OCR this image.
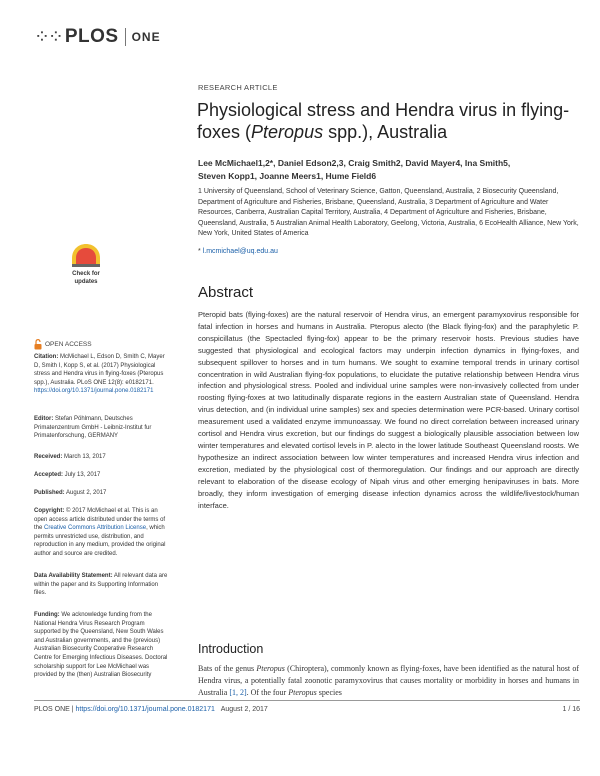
⁘⁘ PLOS ONE
RESEARCH ARTICLE
Physiological stress and Hendra virus in flying-foxes (Pteropus spp.), Australia
Lee McMichael1,2*, Daniel Edson2,3, Craig Smith2, David Mayer4, Ina Smith5,
Steven Kopp1, Joanne Meers1, Hume Field6
1 University of Queensland, School of Veterinary Science, Gatton, Queensland, Australia, 2 Biosecurity Queensland, Department of Agriculture and Fisheries, Brisbane, Queensland, Australia, 3 Department of Agriculture and Water Resources, Canberra, Australian Capital Territory, Australia, 4 Department of Agriculture and Fisheries, Brisbane, Queensland, Australia, 5 Australian Animal Health Laboratory, Geelong, Victoria, Australia, 6 EcoHealth Alliance, New York, New York, United States of America
* l.mcmichael@uq.edu.au
Check for
updates
OPEN ACCESS
Citation: McMichael L, Edson D, Smith C, Mayer D, Smith I, Kopp S, et al. (2017) Physiological stress and Hendra virus in flying-foxes (Pteropus spp.), Australia. PLoS ONE 12(8): e0182171. https://doi.org/10.1371/journal.pone.0182171
Editor: Stefan Pöhlmann, Deutsches Primatenzentrum GmbH - Leibniz-Institut fur Primatenforschung, GERMANY
Received: March 13, 2017
Accepted: July 13, 2017
Published: August 2, 2017
Copyright: © 2017 McMichael et al. This is an open access article distributed under the terms of the Creative Commons Attribution License, which permits unrestricted use, distribution, and reproduction in any medium, provided the original author and source are credited.
Data Availability Statement: All relevant data are within the paper and its Supporting Information files.
Funding: We acknowledge funding from the National Hendra Virus Research Program supported by the Queensland, New South Wales and Australian governments, and the (previous) Australian Biosecurity Cooperative Research Centre for Emerging Infectious Diseases. Doctoral scholarship support for Lee McMichael was provided by the (then) Australian Biosecurity
Abstract
Pteropid bats (flying-foxes) are the natural reservoir of Hendra virus, an emergent paramyxovirus responsible for fatal infection in horses and humans in Australia. Pteropus alecto (the Black flying-fox) and the paraphyletic P. conspicillatus (the Spectacled flying-fox) appear to be the primary reservoir hosts. Previous studies have suggested that physiological and ecological factors may underpin infection dynamics in flying-foxes, and subsequent spillover to horses and in turn humans. We sought to examine temporal trends in urinary cortisol concentration in wild Australian flying-fox populations, to elucidate the putative relationship between Hendra virus infection and physiological stress. Pooled and individual urine samples were non-invasively collected from under roosting flying-foxes at two latitudinally disparate regions in the eastern Australian state of Queensland. Hendra virus detection, and (in individual urine samples) sex and species determination were PCR-based. Urinary cortisol measurement used a validated enzyme immunoassay. We found no direct correlation between increased urinary cortisol and Hendra virus excretion, but our findings do suggest a biologically plausible association between low winter temperatures and elevated cortisol levels in P. alecto in the lower latitude Southeast Queensland roosts. We hypothesize an indirect association between low winter temperatures and increased Hendra virus infection and excretion, mediated by the physiological cost of thermoregulation. Our findings and our approach are directly relevant to elaboration of the disease ecology of Nipah virus and other emerging henipaviruses in bats. More broadly, they inform investigation of emerging disease infection dynamics across the wildlife/livestock/human interface.
Introduction
Bats of the genus Pteropus (Chiroptera), commonly known as flying-foxes, have been identified as the natural host of Hendra virus, a potentially fatal zoonotic paramyxovirus that causes mortality or morbidity in horses and humans in Australia [1, 2]. Of the four Pteropus species
PLOS ONE | https://doi.org/10.1371/journal.pone.0182171 August 2, 2017	1 / 16
